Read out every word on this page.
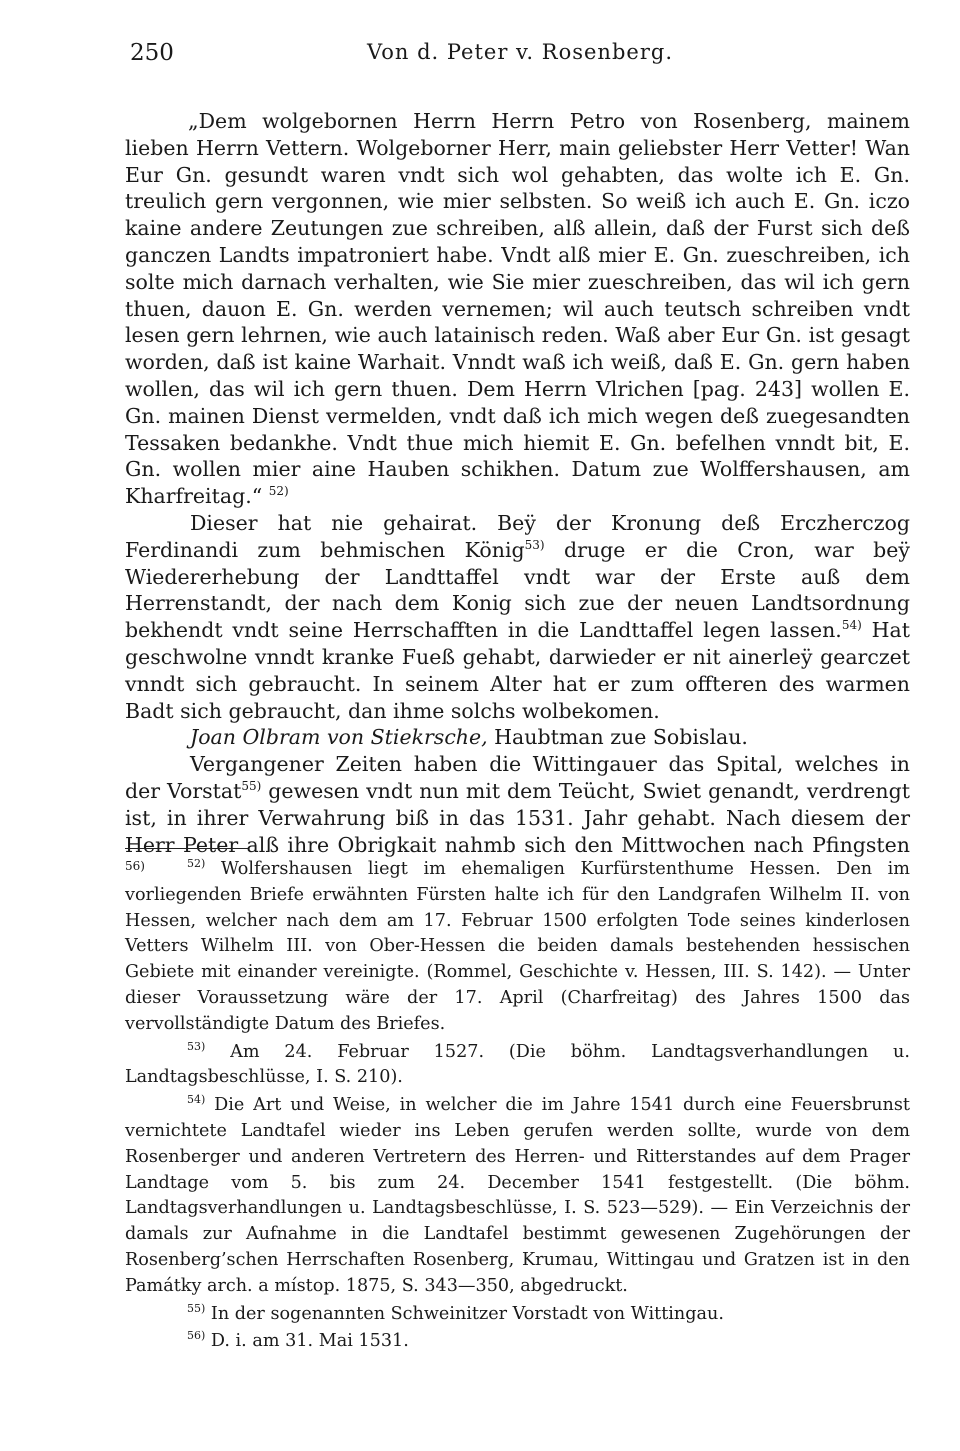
250	Von d. Peter v. Rosenberg.

„Dem wolgebornen Herrn Herrn Petro von Rosenberg, mainem lieben Herrn Vettern. Wolgeborner Herr, main geliebster Herr Vetter! Wan Eur Gn. gesundt waren vndt sich wol gehabten, das wolte ich E. Gn. treulich gern vergonnen, wie mier selbsten. So weiß ich auch E. Gn. iczo kaine andere Zeutungen zue schreiben, alß allein, daß der Furst sich deß ganczen Landts impatroniert habe. Vndt alß mier E. Gn. zueschreiben, ich solte mich darnach verhalten, wie Sie mier zueschreiben, das wil ich gern thuen, dauon E. Gn. werden vernemen; wil auch teutsch schreiben vndt lesen gern lehrnen, wie auch latainisch reden. Waß aber Eur Gn. ist gesagt worden, daß ist kaine Warhait. Vnndt waß ich weiß, daß E. Gn. gern haben wollen, das wil ich gern thuen. Dem Herrn Vlrichen [pag. 243] wollen E. Gn. mainen Dienst vermelden, vndt daß ich mich wegen deß zuegesandten Tessaken bedankhe. Vndt thue mich hiemit E. Gn. befelhen vnndt bit, E. Gn. wollen mier aine Hauben schikhen. Datum zue Wolffershausen, am Kharfreitag.“ $^{52)}$

Dieser hat nie gehairat. Beÿ der Kronung deß Erczherczog Ferdinandi zum behmischen König$^{53)}$ druge er die Cron, war beÿ Wiedererhebung der Landttaffel vndt war der Erste auß dem Herrenstandt, der nach dem Konig sich zue der neuen Landtsordnung bekhendt vndt seine Herrschafften in die Landttaffel legen lassen.$^{54)}$ Hat geschwolne vnndt kranke Fueß gehabt, darwieder er nit ainerleÿ gearczet vnndt sich gebraucht. In seinem Alter hat er zum offteren des warmen Badt sich gebraucht, dan ihme solchs wolbekomen.

Joan Olbram von Stiekrsche, Haubtman zue Sobislau.

Vergangener Zeiten haben die Wittingauer das Spital, welches in der Vorstat$^{55)}$ gewesen vndt nun mit dem Teücht, Swiet genandt, verdrengt ist, in ihrer Verwahrung biß in das 1531. Jahr gehabt. Nach diesem der Herr Peter alß ihre Obrigkait nahmb sich den Mittwochen nach Pfingsten $^{56)}$	$^{52)}$ Wolfershausen liegt im ehemaligen Kurfürstenthume Hessen. Den im vorliegenden Briefe erwähnten Fürsten halte ich für den Landgrafen Wilhelm II. von Hessen, welcher nach dem am 17. Februar 1500 erfolgten Tode seines kinderlosen Vetters Wilhelm III. von Ober-Hessen die beiden damals bestehenden hessischen Gebiete mit einander vereinigte. (Rommel, Geschichte v. Hessen, III. S. 142). — Unter dieser Voraussetzung wäre der 17. April (Charfreitag) des Jahres 1500 das vervollständigte Datum des Briefes.

$^{53)}$ Am 24. Februar 1527. (Die böhm. Landtagsverhandlungen u. Landtagsbeschlüsse, I. S. 210).

$^{54)}$ Die Art und Weise, in welcher die im Jahre 1541 durch eine Feuersbrunst vernichtete Landtafel wieder ins Leben gerufen werden sollte, wurde von dem Rosenberger und anderen Vertretern des Herren- und Ritterstandes auf dem Prager Landtage vom 5. bis zum 24. December 1541 festgestellt. (Die böhm. Landtagsverhandlungen u. Landtagsbeschlüsse, I. S. 523—529). — Ein Verzeichnis der damals zur Aufnahme in die Landtafel bestimmt gewesenen Zugehörungen der Rosenberg’schen Herrschaften Rosenberg, Krumau, Wittingau und Gratzen ist in den Památky arch. a místop. 1875, S. 343—350, abgedruckt.

$^{55)}$ In der sogenannten Schweinitzer Vorstadt von Wittingau.

$^{56)}$ D. i. am 31. Mai 1531.
